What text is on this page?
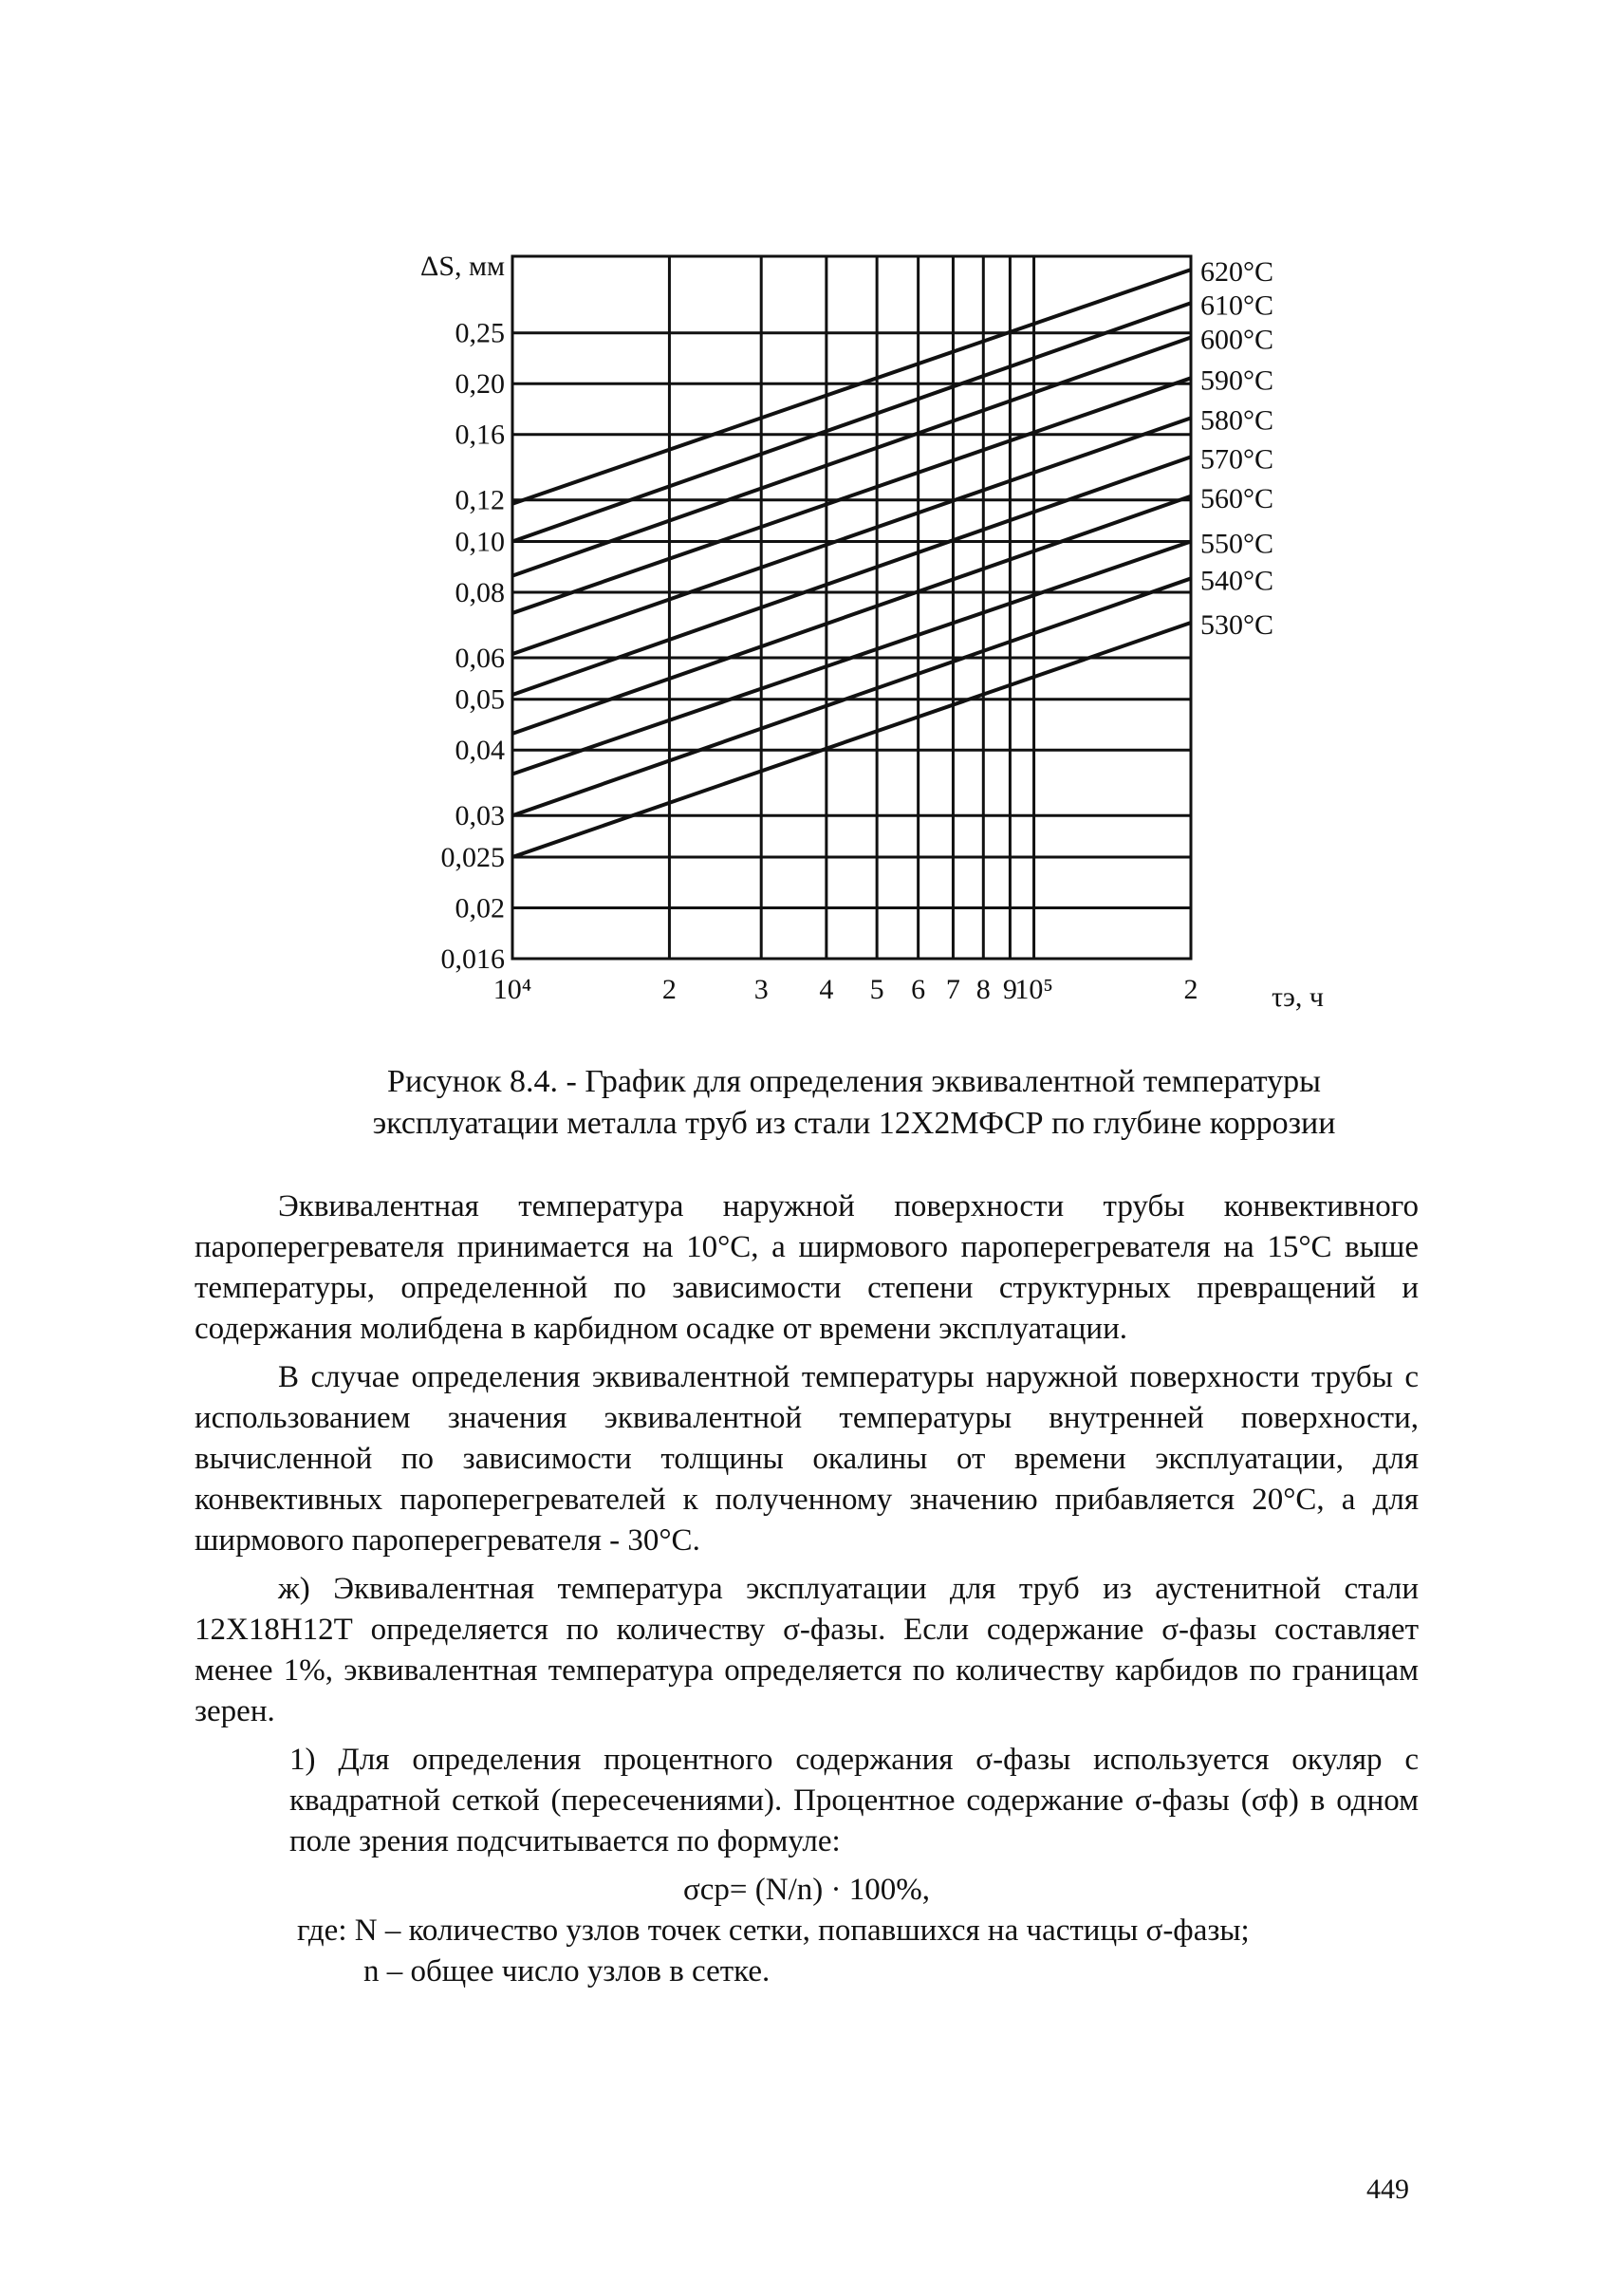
10⁴	2	3 4 5 6 7 8 9
10⁵	2
0,25
0,20
0,16
0,12
0,10
0,08
0,06
0,05
0,04
0,03
0,025
0,02
0,016
ΔS, мм
τэ, ч
620°C
610°C
600°C
590°C
580°C
570°C
560°C
550°C
540°C
530°C
Рисунок 8.4. - График для определения эквивалентной температуры
эксплуатации металла труб из стали 12Х2МФСР по глубине коррозии

Эквивалентная температура наружной поверхности трубы конвективного пароперегревателя принимается на 10°С, а ширмового пароперегревателя на 15°С выше температуры, определенной по зависимости степени структурных превращений и содержания молибдена в карбидном осадке от времени эксплуатации.

В случае определения эквивалентной температуры наружной поверхности трубы с использованием значения эквивалентной температуры внутренней поверхности, вычисленной по зависимости толщины окалины от времени эксплуатации, для конвективных пароперегревателей к полученному значению прибавляется 20°С, а для ширмового пароперегревателя - 30°С.

ж) Эквивалентная температура эксплуатации для труб из аустенитной стали 12Х18Н12Т определяется по количеству σ-фазы. Если содержание σ-фазы составляет менее 1%, эквивалентная температура определяется по количеству карбидов по границам зерен.

1) Для определения процентного содержания σ-фазы используется окуляр с квадратной сеткой (пересечениями). Процентное содержание σ-фазы (σф) в одном поле зрения подсчитывается по формуле:

σср= (N/n) · 100%,

где: N – количество узлов точек сетки, попавшихся на частицы σ-фазы;

n – общее число узлов в сетке.

449
